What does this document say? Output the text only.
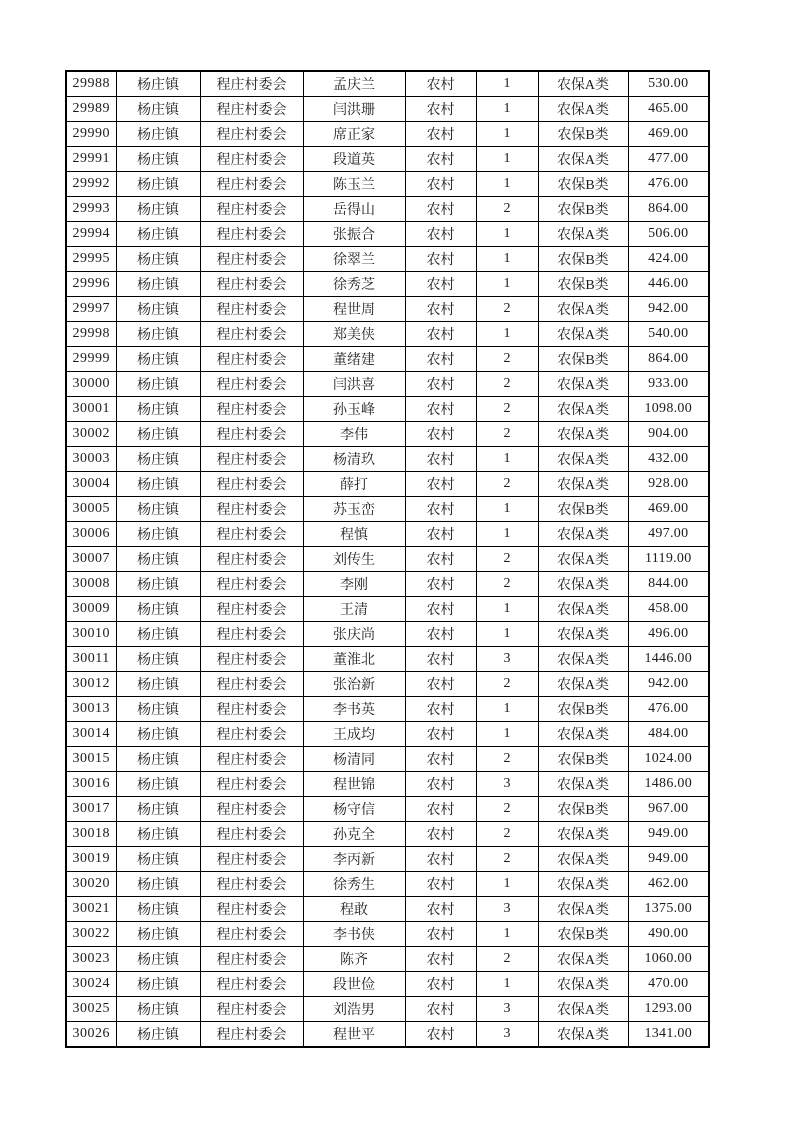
29988	杨庄镇	程庄村委会	孟庆兰	农村	1	农保A类	530.00
29989	杨庄镇	程庄村委会	闫洪珊	农村	1	农保A类	465.00
29990	杨庄镇	程庄村委会	席正家	农村	1	农保B类	469.00
29991	杨庄镇	程庄村委会	段道英	农村	1	农保A类	477.00
29992	杨庄镇	程庄村委会	陈玉兰	农村	1	农保B类	476.00
29993	杨庄镇	程庄村委会	岳得山	农村	2	农保B类	864.00
29994	杨庄镇	程庄村委会	张振合	农村	1	农保A类	506.00
29995	杨庄镇	程庄村委会	徐翠兰	农村	1	农保B类	424.00
29996	杨庄镇	程庄村委会	徐秀芝	农村	1	农保B类	446.00
29997	杨庄镇	程庄村委会	程世周	农村	2	农保A类	942.00
29998	杨庄镇	程庄村委会	郑美侠	农村	1	农保A类	540.00
29999	杨庄镇	程庄村委会	董绪建	农村	2	农保B类	864.00
30000	杨庄镇	程庄村委会	闫洪喜	农村	2	农保A类	933.00
30001	杨庄镇	程庄村委会	孙玉峰	农村	2	农保A类	1098.00
30002	杨庄镇	程庄村委会	李伟	农村	2	农保A类	904.00
30003	杨庄镇	程庄村委会	杨清玖	农村	1	农保A类	432.00
30004	杨庄镇	程庄村委会	薛打	农村	2	农保A类	928.00
30005	杨庄镇	程庄村委会	苏玉峦	农村	1	农保B类	469.00
30006	杨庄镇	程庄村委会	程慎	农村	1	农保A类	497.00
30007	杨庄镇	程庄村委会	刘传生	农村	2	农保A类	1119.00
30008	杨庄镇	程庄村委会	李刚	农村	2	农保A类	844.00
30009	杨庄镇	程庄村委会	王清	农村	1	农保A类	458.00
30010	杨庄镇	程庄村委会	张庆尚	农村	1	农保A类	496.00
30011	杨庄镇	程庄村委会	董淮北	农村	3	农保A类	1446.00
30012	杨庄镇	程庄村委会	张治新	农村	2	农保A类	942.00
30013	杨庄镇	程庄村委会	李书英	农村	1	农保B类	476.00
30014	杨庄镇	程庄村委会	王成均	农村	1	农保A类	484.00
30015	杨庄镇	程庄村委会	杨清同	农村	2	农保B类	1024.00
30016	杨庄镇	程庄村委会	程世锦	农村	3	农保A类	1486.00
30017	杨庄镇	程庄村委会	杨守信	农村	2	农保B类	967.00
30018	杨庄镇	程庄村委会	孙克全	农村	2	农保A类	949.00
30019	杨庄镇	程庄村委会	李丙新	农村	2	农保A类	949.00
30020	杨庄镇	程庄村委会	徐秀生	农村	1	农保A类	462.00
30021	杨庄镇	程庄村委会	程敢	农村	3	农保A类	1375.00
30022	杨庄镇	程庄村委会	李书侠	农村	1	农保B类	490.00
30023	杨庄镇	程庄村委会	陈齐	农村	2	农保A类	1060.00
30024	杨庄镇	程庄村委会	段世俭	农村	1	农保A类	470.00
30025	杨庄镇	程庄村委会	刘浩男	农村	3	农保A类	1293.00
30026	杨庄镇	程庄村委会	程世平	农村	3	农保A类	1341.00
